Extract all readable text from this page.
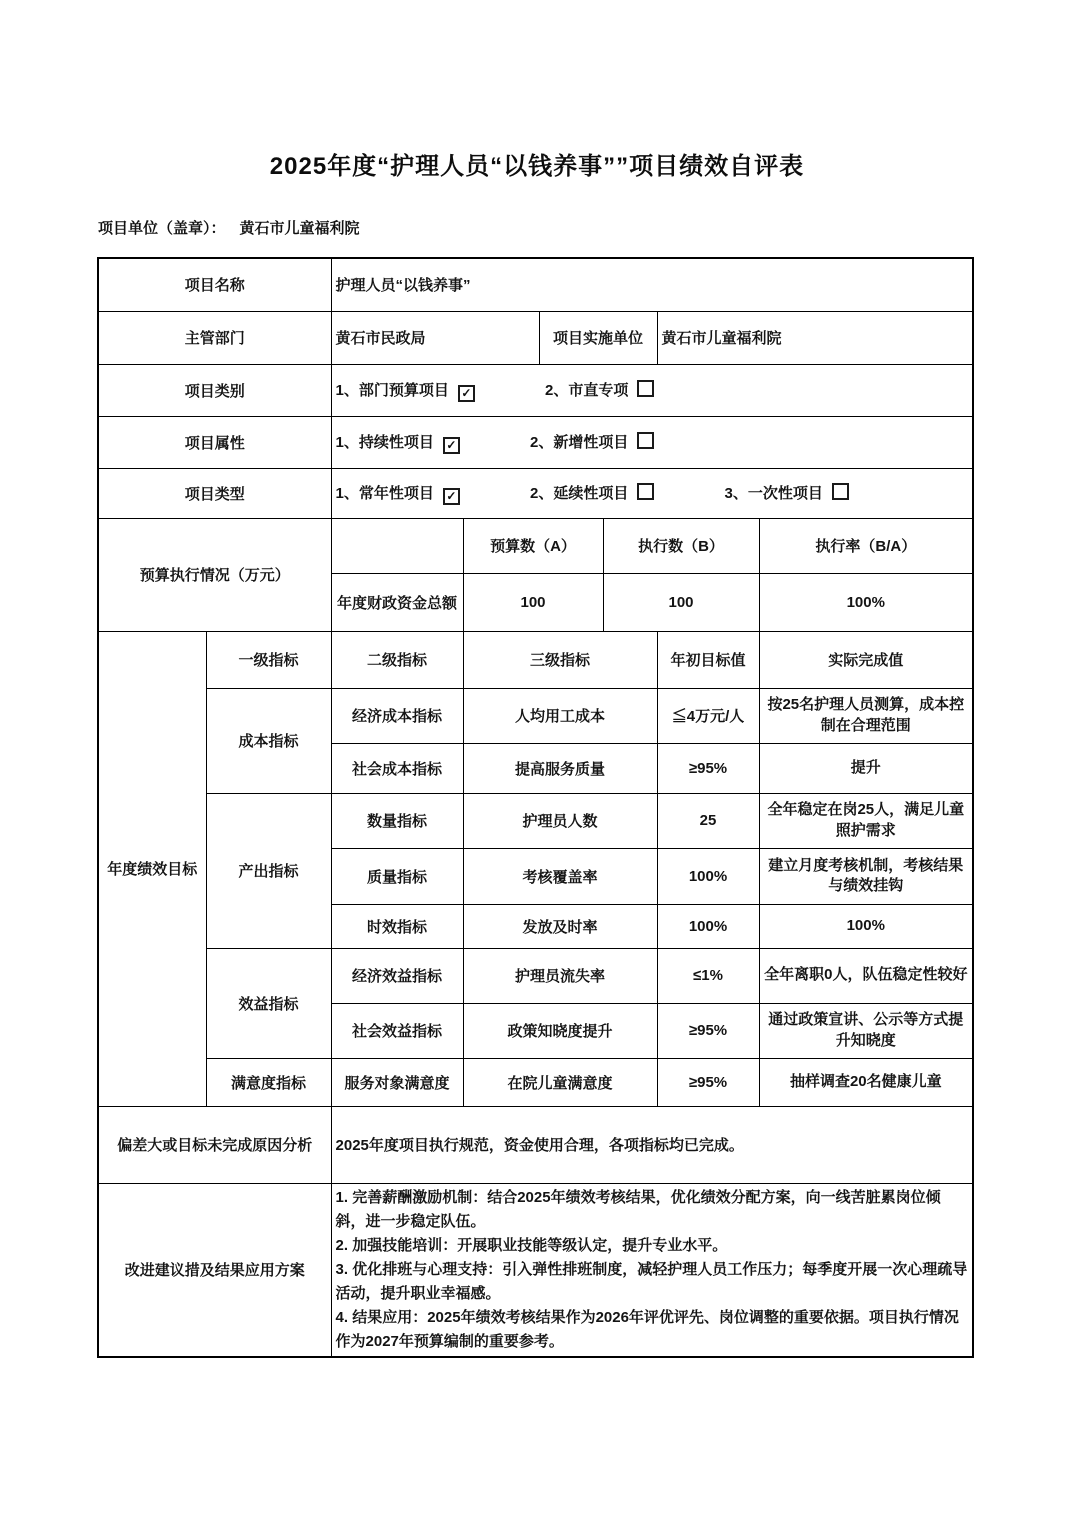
2025年度“护理人员“以钱养事””项目绩效自评表
项目单位（盖章）： 黄石市儿童福利院
项目名称		护理人员“以钱养事”					
主管部门		黄石市民政局		项目实施单位		黄石市儿童福利院	
项目类别		1、部门预算项目 ✓ 2、市直专项					
项目属性		1、持续性项目 ✓ 2、新增性项目					
项目类型		1、常年性项目 ✓ 2、延续性项目 3、一次性项目					
预算执行情况（万元）			预算数（A）		执行数（B）		执行率（B/A）
		年度财政资金总额	100		100		100%
年度绩效目标	一级指标	二级指标	三级指标			年初目标值	实际完成值
	成本指标	经济成本指标	人均用工成本			≦4万元/人	按25名护理人员测算，成本控制在合理范围
		社会成本指标	提高服务质量			≥95%	提升
	产出指标	数量指标	护理员人数			25	全年稳定在岗25人，满足儿童照护需求
		质量指标	考核覆盖率			100%	建立月度考核机制，考核结果与绩效挂钩
		时效指标	发放及时率			100%	100%
	效益指标	经济效益指标	护理员流失率			≤1%	全年离职0人，队伍稳定性较好
		社会效益指标	政策知晓度提升			≥95%	通过政策宣讲、公示等方式提升知晓度
	满意度指标	服务对象满意度	在院儿童满意度			≥95%	抽样调查20名健康儿童
偏差大或目标未完成原因分析		2025年度项目执行规范，资金使用合理，各项指标均已完成。					
改进建议措及结果应用方案		1. 完善薪酬激励机制：结合2025年绩效考核结果，优化绩效分配方案，向一线苦脏累岗位倾斜，进一步稳定队伍。
2. 加强技能培训：开展职业技能等级认定，提升专业水平。
3. 优化排班与心理支持：引入弹性排班制度，减轻护理人员工作压力；每季度开展一次心理疏导活动，提升职业幸福感。
4. 结果应用：2025年绩效考核结果作为2026年评优评先、岗位调整的重要依据。项目执行情况作为2027年预算编制的重要参考。					
